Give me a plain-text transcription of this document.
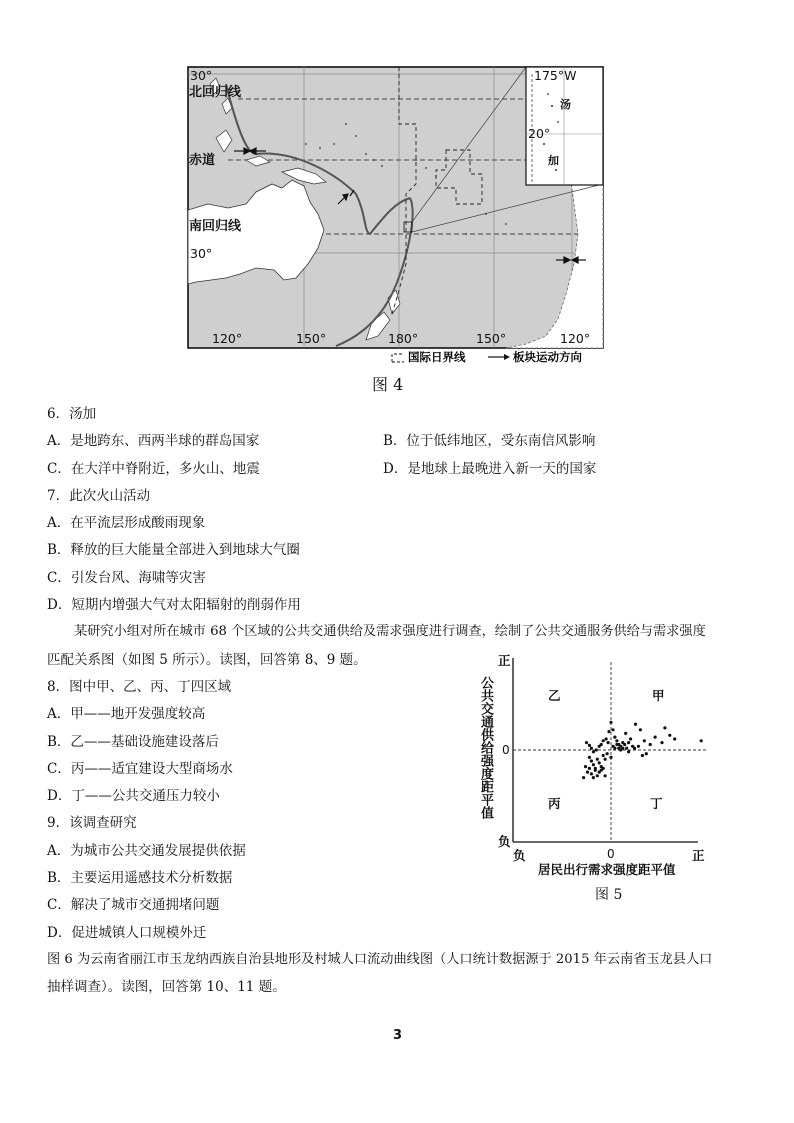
30°
北回归线
赤道
南回归线
30°
175°W
20°
汤
加
120°	150°	180°	150°	120°
国际日界线	板块运动方向
图 4
6．汤加
A．是地跨东、西两半球的群岛国家	B．位于低纬地区，受东南信风影响
C．在大洋中脊附近，多火山、地震	D．是地球上最晚进入新一天的国家
7．此次火山活动
A．在平流层形成酸雨现象
B．释放的巨大能量全部进入到地球大气圈
C．引发台风、海啸等灾害
D．短期内增强大气对太阳辐射的削弱作用
某研究小组对所在城市 68 个区域的公共交通供给及需求强度进行调查，绘制了公共交通服务供给与需求强度
匹配关系图（如图 5 所示）。读图，回答第 8、9 题。
8．图中甲、乙、丙、丁四区域
A．甲——地开发强度较高
B．乙——基础设施建设落后
C．丙——适宜建设大型商场水
D．丁——公共交通压力较小
9．该调查研究
A．为城市公共交通发展提供依据
B．主要运用遥感技术分析数据
C．解决了城市交通拥堵问题
D．促进城镇人口规模外迁
正
0
负
负	0	正
乙	甲
丙	丁
居民出行需求强度距平值
公共交通供给强度距平值
图 5
图 6 为云南省丽江市玉龙纳西族自治县地形及村城人口流动曲线图（人口统计数据源于 2015 年云南省玉龙县人口
抽样调查）。读图，回答第 10、11 题。
3
